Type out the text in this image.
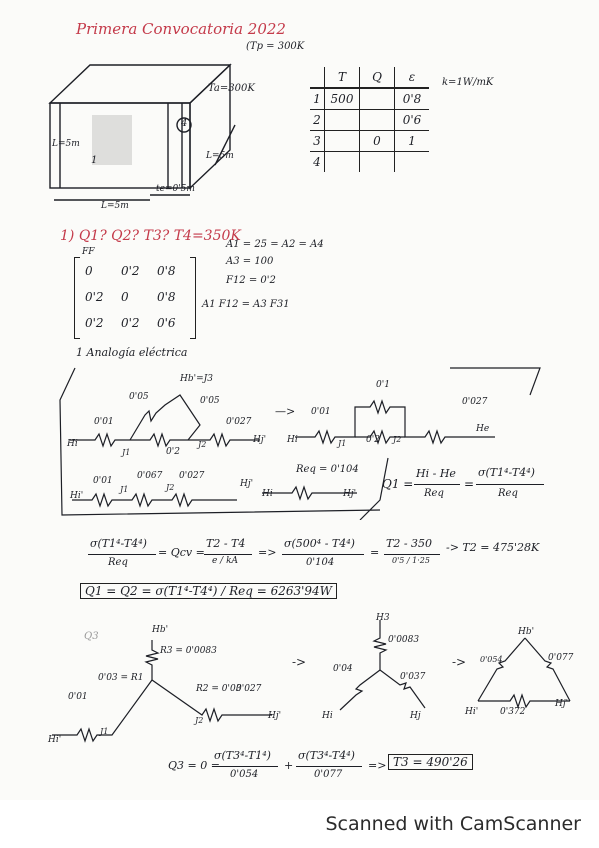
Primera Convocatoria 2022
(Tp = 300K
4
1
Ta=300K
L=5m
L=5m
L=5m
te=0'5m
	T	Q	ε
1	500		0'8
2			0'6
3		0	1
4			
k=1W/mK
1) Q1? Q2? T3? T4=350K
FF
A1 = 25 = A2 = A4
A3 = 100
F12 = 0'2
A1 F12 = A3 F31
0 0'2 0'8
0'2 0 0'8
0'2 0'2 0'6
1 Analogía eléctrica
0'01
0'05	0'05
0'027
Hb'=J3
J1
J2
0'2
Hi	Hj'
—>
0'1
0'01
0'027
J1	J2
0'2
Hi
He
0'01	0'067 0'027
J1	J2
Hi'
Hj'
Req = 0'104
Hi	Hj'
Q1 =
Hi - He
Req
=
σ(T1⁴-T4⁴)
Req
σ(T1⁴-T4⁴)
Req
= Qcv =
T2 - T4
e / kA
=>
σ(500⁴ - T4⁴)
0'104
=
T2 - 350
0'5 / 1·25
-> T2 = 475'28K
Q1 = Q2 = σ(T1⁴-T4⁴) / Req = 6263'94W
Q3
Hb'
R3 = 0'0083
0'03 = R1
0'01
R2 = 0'03
0'027
J1
J2
Hi'
Hj'
->
H3
0'0083
0'04
0'037
Hi	Hj
->
Hb'
0'054	0'077
0'372
Hi'
Hj'
Q3 = 0 =
σ(T3⁴-T1⁴)
0'054
+
σ(T3⁴-T4⁴)
0'077
=> T3 = 490'26
Scanned with CamScanner
